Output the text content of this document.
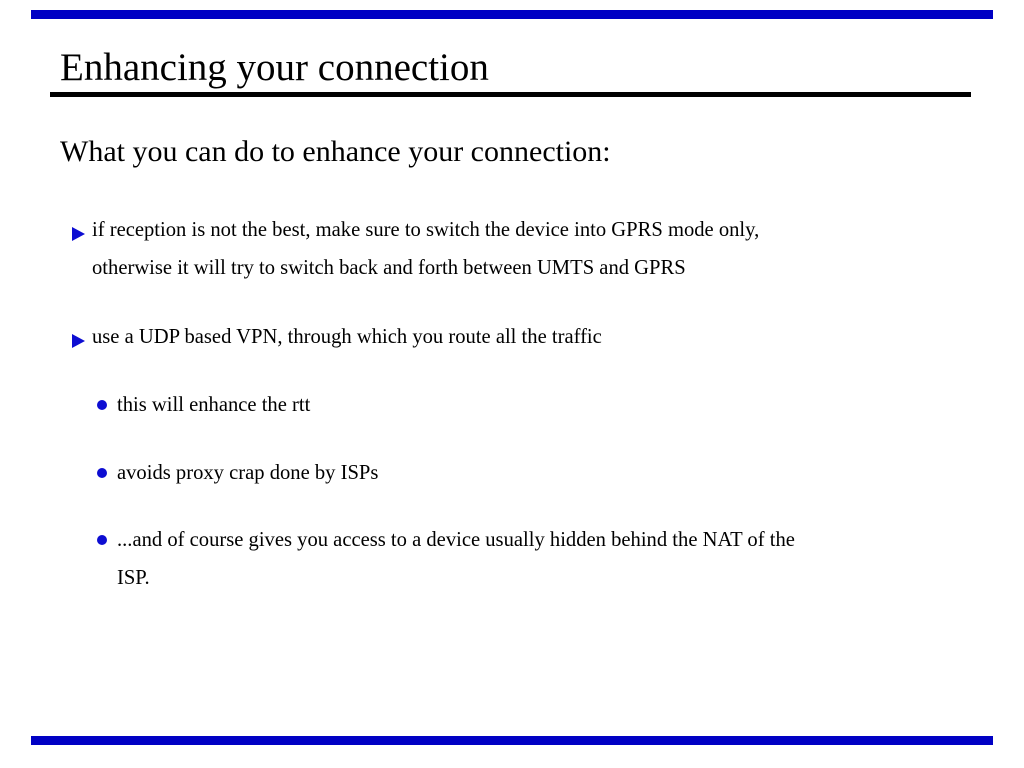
Enhancing your connection
What you can do to enhance your connection:
if reception is not the best, make sure to switch the device into GPRS mode only,
otherwise it will try to switch back and forth between UMTS and GPRS
use a UDP based VPN, through which you route all the traffic
this will enhance the rtt
avoids proxy crap done by ISPs
...and of course gives you access to a device usually hidden behind the NAT of the
ISP.
